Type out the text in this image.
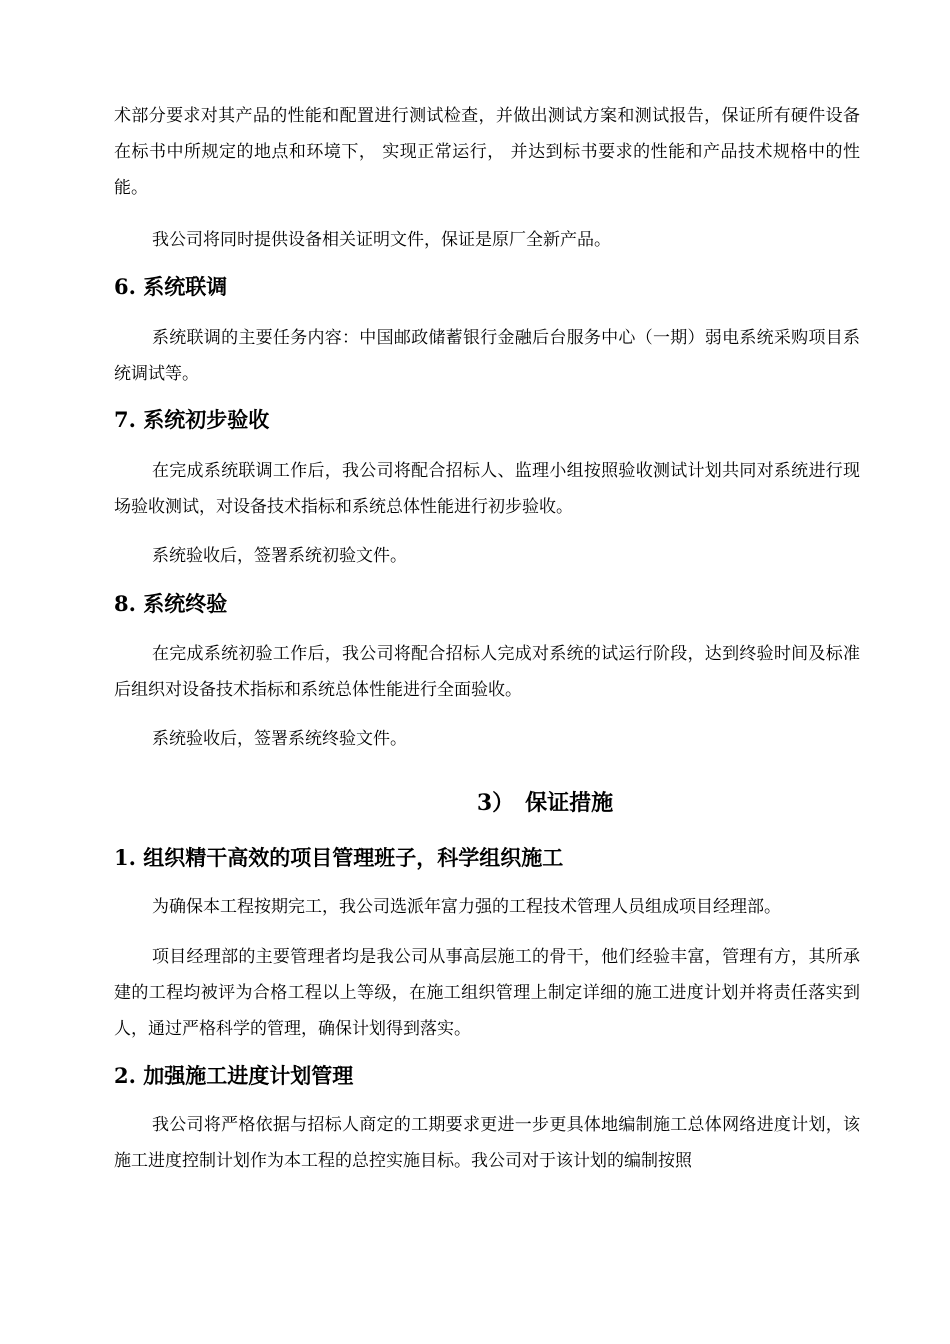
术部分要求对其产品的性能和配置进行测试检查，并做出测试方案和测试报告，保证所有硬件设备在标书中所规定的地点和环境下， 实现正常运行， 并达到标书要求的性能和产品技术规格中的性能。

我公司将同时提供设备相关证明文件，保证是原厂全新产品。

6. 系统联调

系统联调的主要任务内容：中国邮政储蓄银行金融后台服务中心（一期）弱电系统采购项目系统调试等。

7. 系统初步验收

在完成系统联调工作后，我公司将配合招标人、监理小组按照验收测试计划共同对系统进行现场验收测试，对设备技术指标和系统总体性能进行初步验收。

系统验收后，签署系统初验文件。

8. 系统终验

在完成系统初验工作后，我公司将配合招标人完成对系统的试运行阶段，达到终验时间及标准后组织对设备技术指标和系统总体性能进行全面验收。

系统验收后，签署系统终验文件。

3）　保证措施
1. 组织精干高效的项目管理班子，科学组织施工

为确保本工程按期完工，我公司选派年富力强的工程技术管理人员组成项目经理部。

项目经理部的主要管理者均是我公司从事高层施工的骨干，他们经验丰富，管理有方，其所承建的工程均被评为合格工程以上等级，在施工组织管理上制定详细的施工进度计划并将责任落实到人，通过严格科学的管理，确保计划得到落实。

2. 加强施工进度计划管理

我公司将严格依据与招标人商定的工期要求更进一步更具体地编制施工总体网络进度计划，该施工进度控制计划作为本工程的总控实施目标。我公司对于该计划的编制按照
